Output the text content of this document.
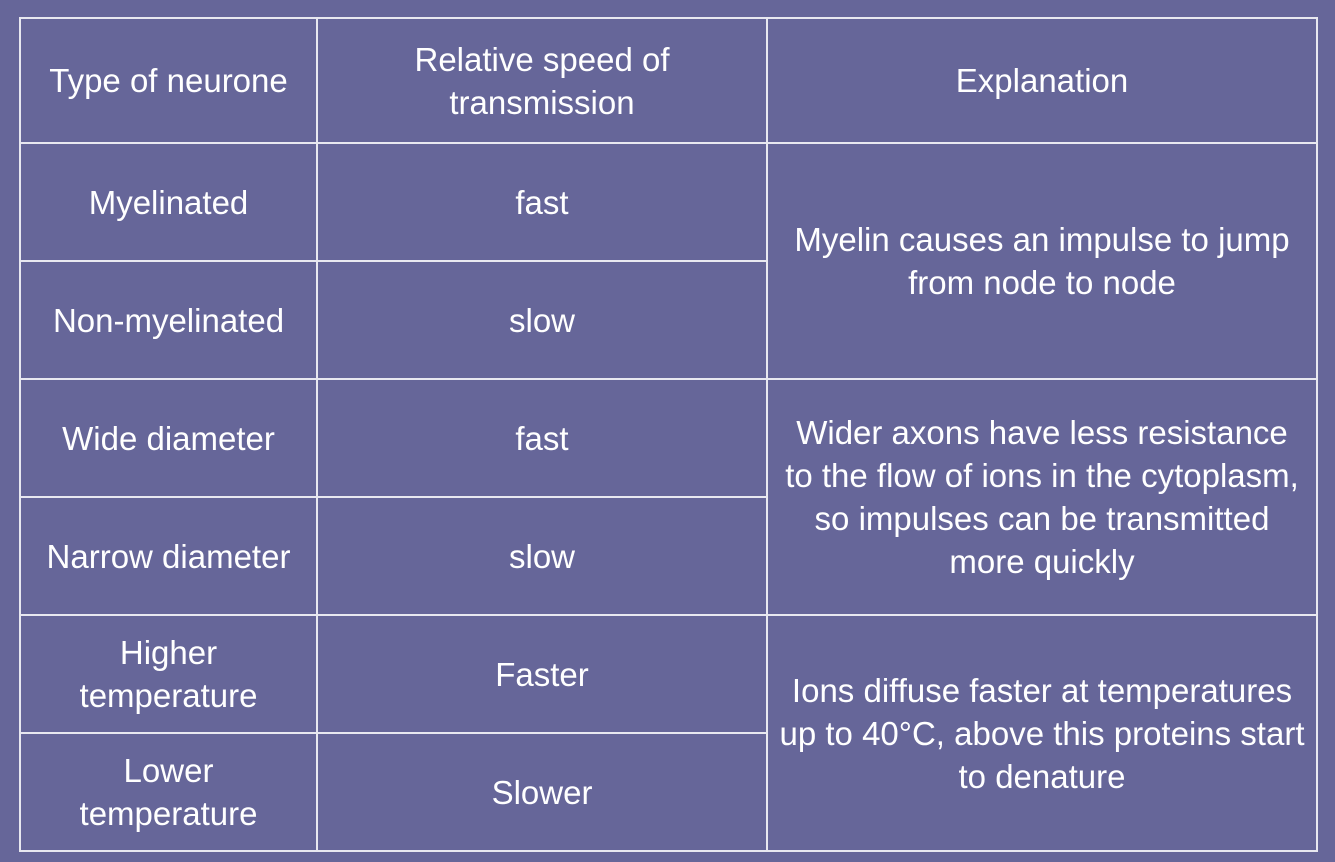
Type of neurone	Relative speed of transmission	Explanation
Myelinated	fast	Myelin causes an impulse to jump from node to node
Non-myelinated	slow	
Wide diameter	fast	Wider axons have less resistance to the flow of ions in the cytoplasm, so impulses can be transmitted more quickly
Narrow diameter	slow	
Higher temperature	Faster	Ions diffuse faster at temperatures up to 40°C, above this proteins start to denature
Lower temperature	Slower	
